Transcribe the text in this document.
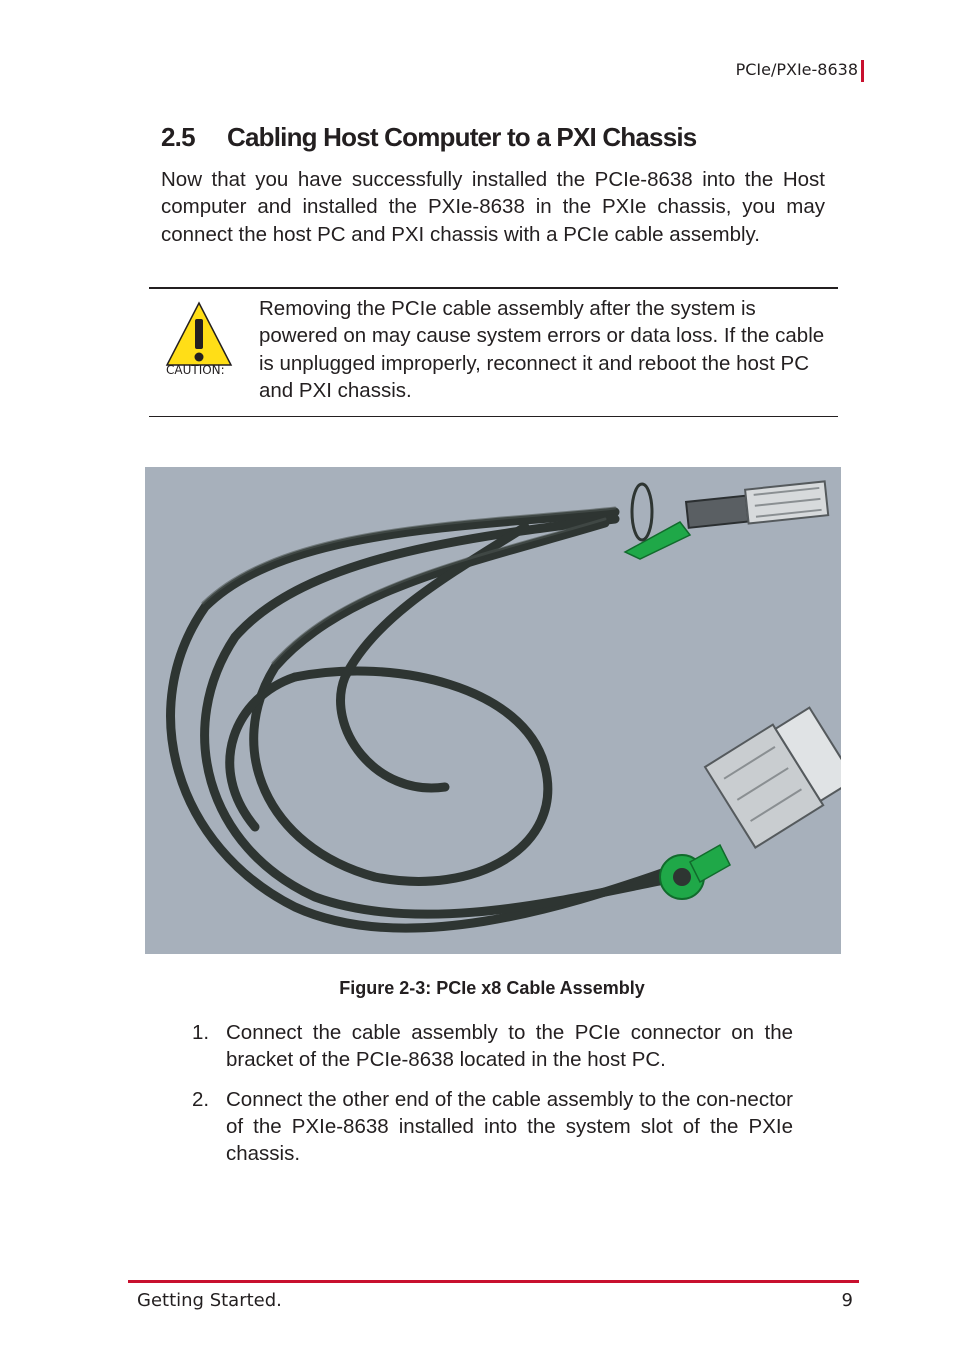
PCIe/PXIe-8638
2.5 Cabling Host Computer to a PXI Chassis

Now that you have successfully installed the PCIe-8638 into the Host computer and installed the PXIe-8638 in the PXIe chassis, you may connect the host PC and PXI chassis with a PCIe cable assembly.

CAUTION:

Removing the PCIe cable assembly after the system is powered on may cause system errors or data loss. If the cable is unplugged improperly, reconnect it and reboot the host PC and PXI chassis.

Figure 2-3: PCIe x8 Cable Assembly
1. Connect the cable assembly to the PCIe connector on the bracket of the PCIe-8638 located in the host PC.
2. Connect the other end of the cable assembly to the con-nector of the PXIe-8638 installed into the system slot of the PXIe chassis.
Getting Started.	9
